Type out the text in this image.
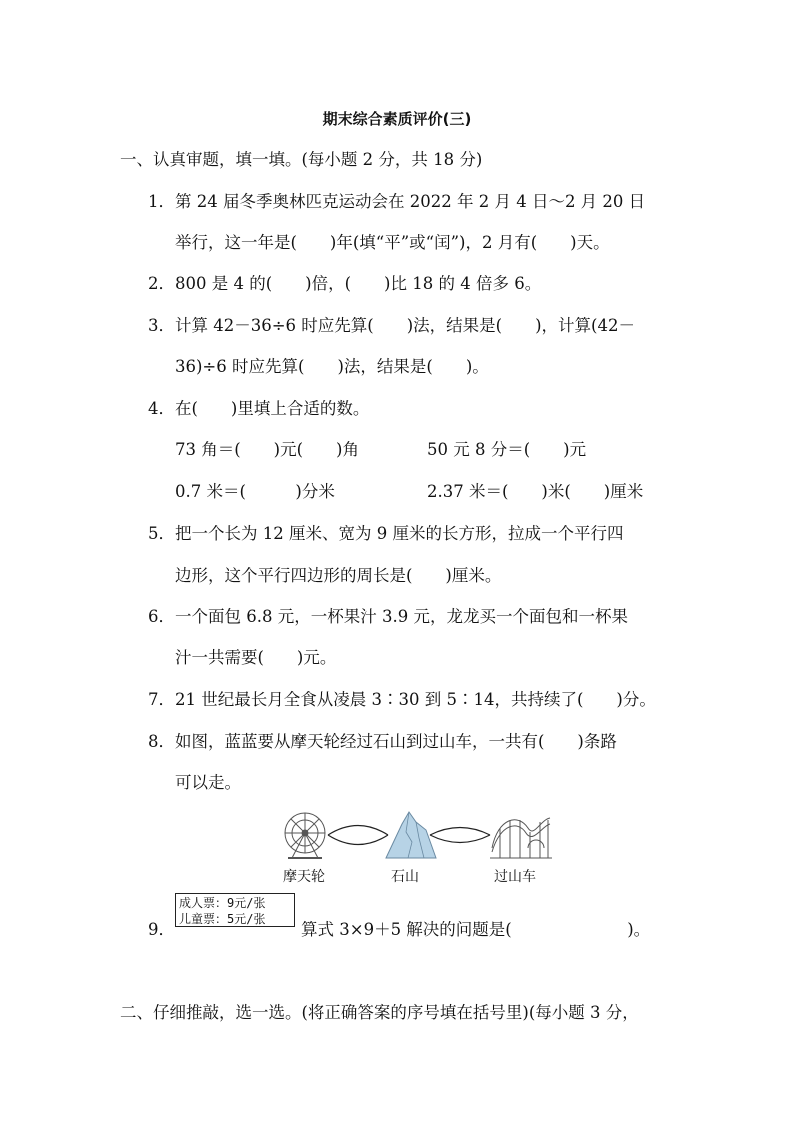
期末综合素质评价(三)
一、认真审题，填一填。(每小题 2 分，共 18 分)
1．第 24 届冬季奥林匹克运动会在 2022 年 2 月 4 日～2 月 20 日
举行，这一年是(　　)年(填“平”或“闰”)，2 月有(　　)天。
2．800 是 4 的(　　)倍，(　　)比 18 的 4 倍多 6。
3．计算 42－36÷6 时应先算(　　)法，结果是(　　)，计算(42－
36)÷6 时应先算(　　)法，结果是(　　)。
4．在(　　)里填上合适的数。
73 角＝(　　)元(　　)角	50 元 8 分＝(　　)元
0.7 米＝(　　　)分米	2.37 米＝(　　)米(　　)厘米
5．把一个长为 12 厘米、宽为 9 厘米的长方形，拉成一个平行四
边形，这个平行四边形的周长是(　　)厘米。
6．一个面包 6.8 元，一杯果汁 3.9 元，龙龙买一个面包和一杯果
汁一共需要(　　)元。
7．21 世纪最长月全食从凌晨 3∶30 到 5∶14，共持续了(　　)分。
8．如图，蓝蓝要从摩天轮经过石山到过山车，一共有(　　)条路
可以走。
摩天轮	石山	过山车
9．
成人票：9元/张
儿童票：5元/张
算式 3×9＋5 解决的问题是(　　　　　　　)。
二、仔细推敲，选一选。(将正确答案的序号填在括号里)(每小题 3 分，
